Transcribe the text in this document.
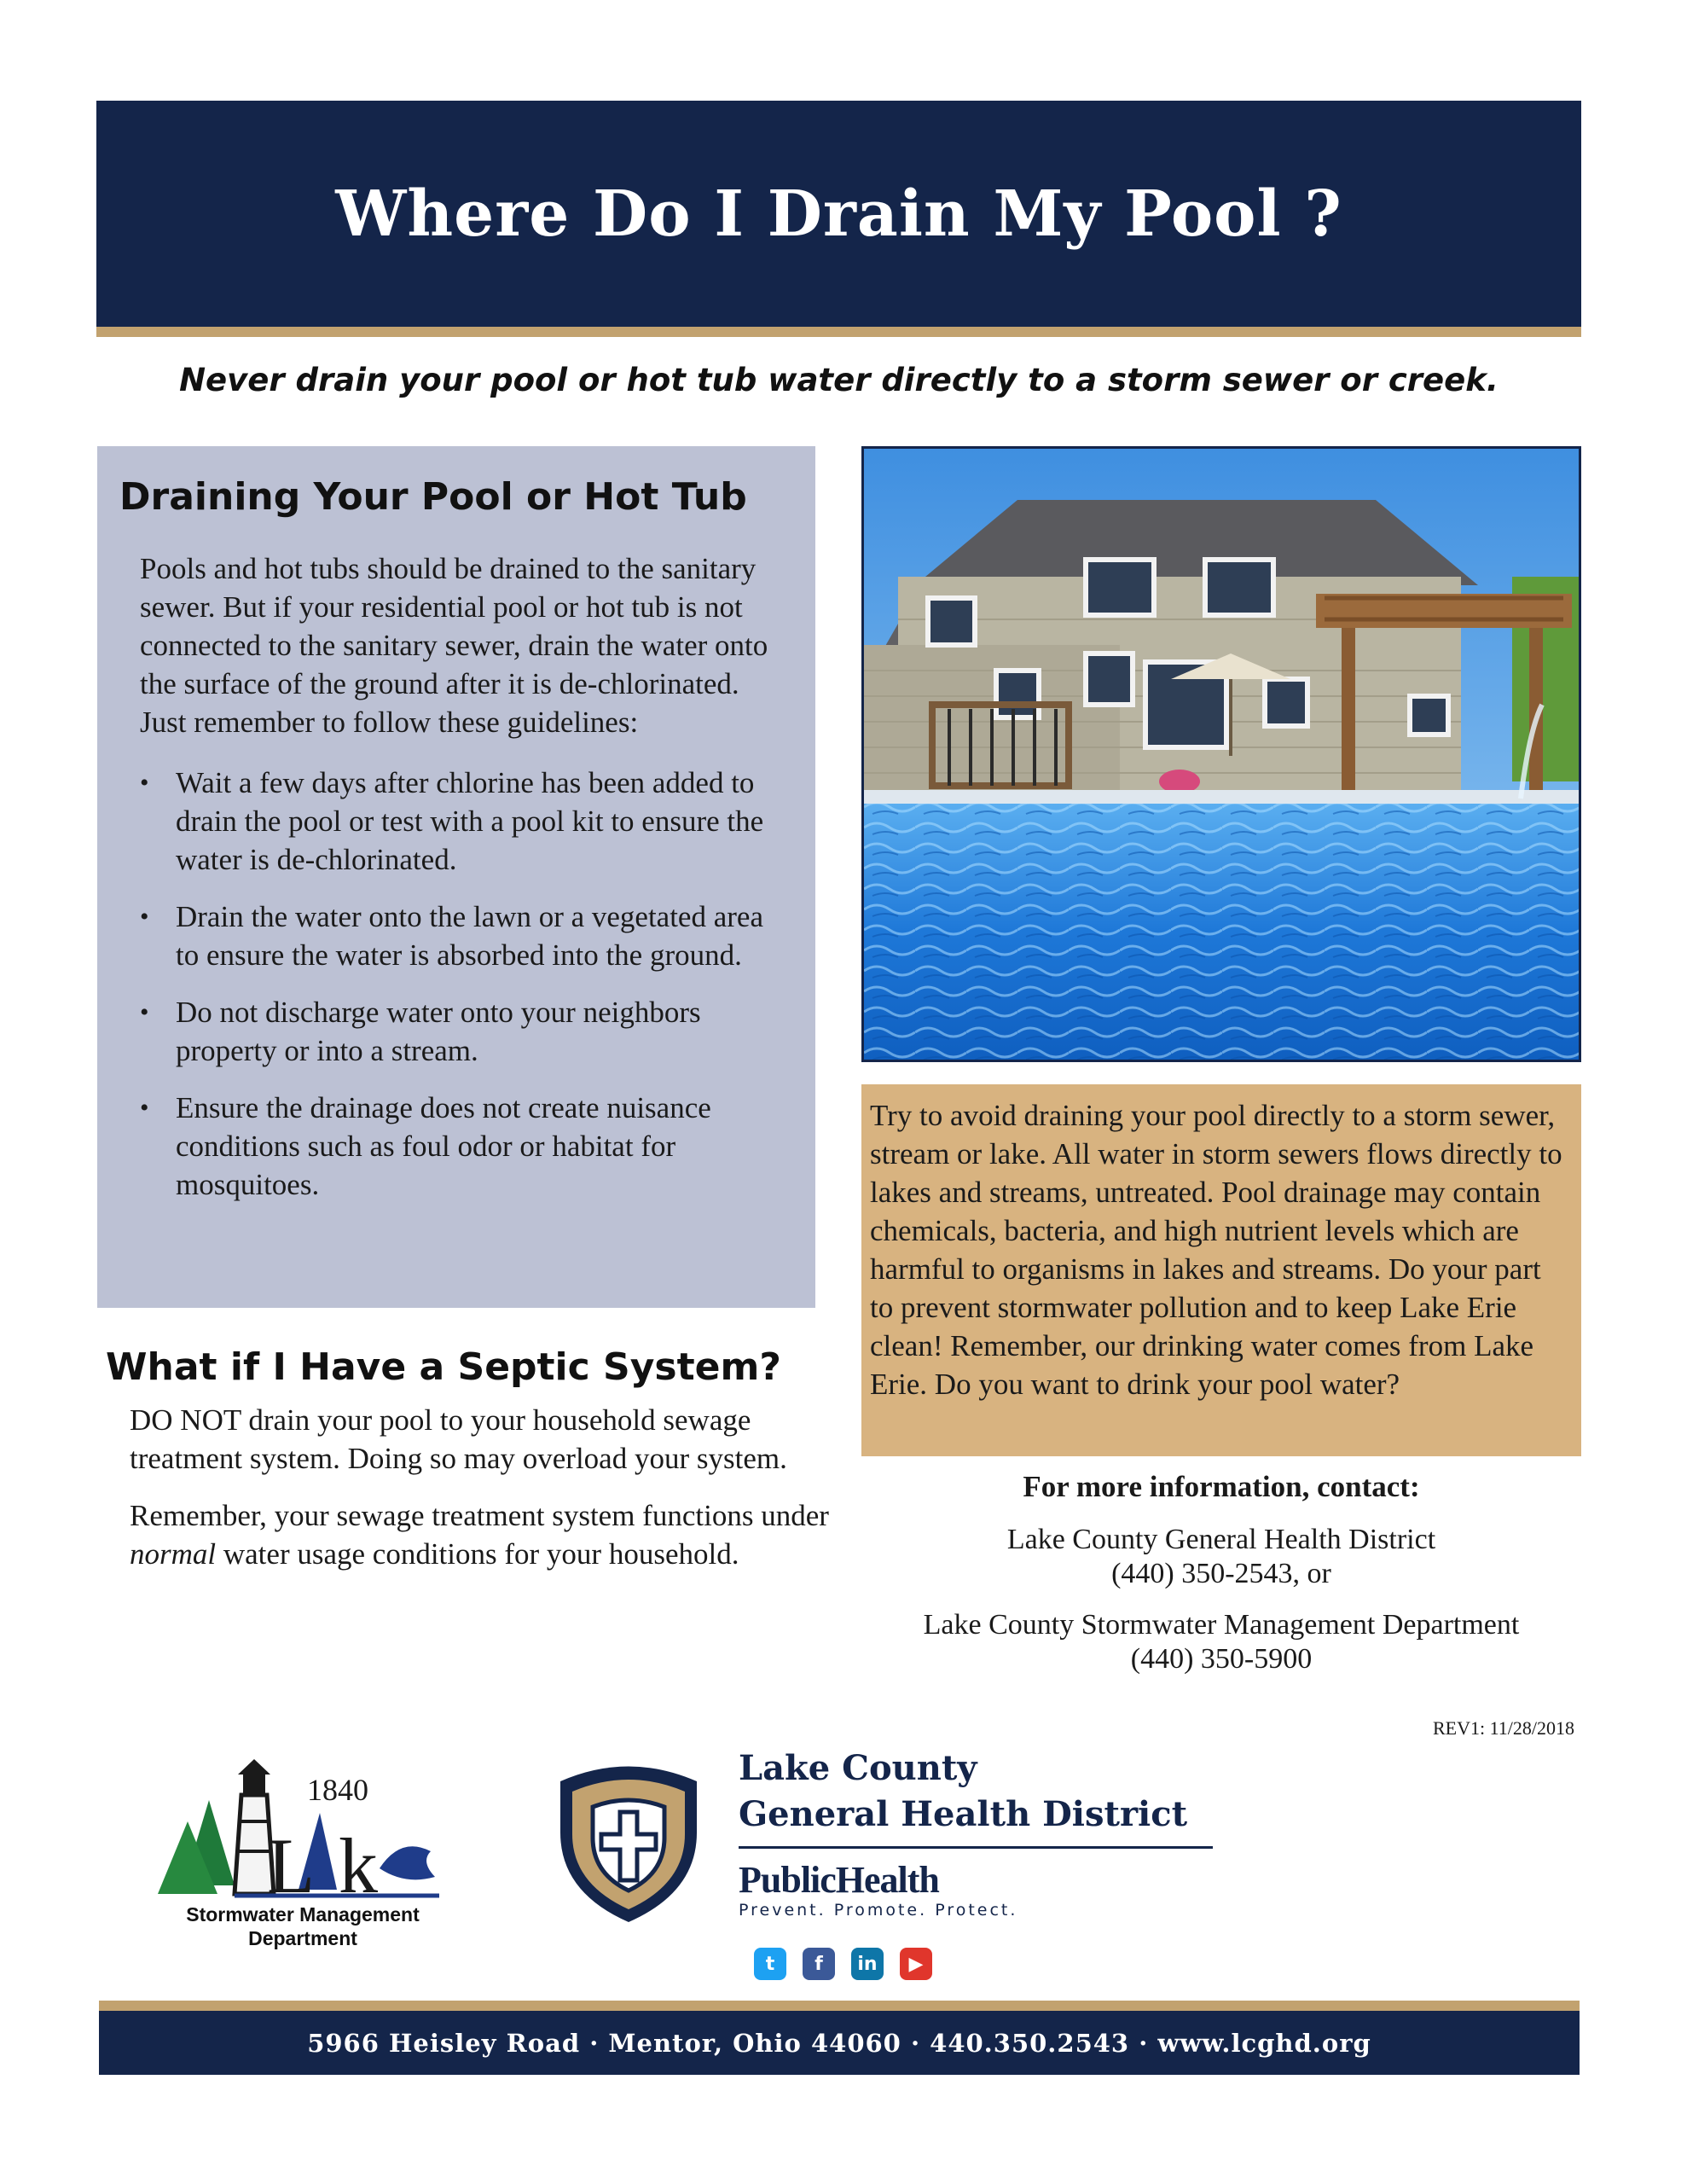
Where Do I Drain My Pool ?
Never drain your pool or hot tub water directly to a storm sewer or creek.
Draining Your Pool or Hot Tub

Pools and hot tubs should be drained to the sanitary sewer. But if your residential pool or hot tub is not connected to the sanitary sewer, drain the water onto the surface of the ground after it is de-chlorinated. Just remember to follow these guidelines:

• Wait a few days after chlorine has been added to drain the pool or test with a pool kit to ensure the water is de-chlorinated.
• Drain the water onto the lawn or a vegetated area to ensure the water is absorbed into the ground.
• Do not discharge water onto your neighbors property or into a stream.
• Ensure the drainage does not create nuisance conditions such as foul odor or habitat for mosquitoes.
What if I Have a Septic System?

DO NOT drain your pool to your household sewage treatment system. Doing so may overload your system.

Remember, your sewage treatment system functions under normal water usage conditions for your household.

Try to avoid draining your pool directly to a storm sewer, stream or lake. All water in storm sewers flows directly to lakes and streams, untreated. Pool drainage may contain chemicals, bacteria, and high nutrient levels which are harmful to organisms in lakes and streams. Do your part to prevent stormwater pollution and to keep Lake Erie clean! Remember, our drinking water comes from Lake Erie. Do you want to drink your pool water?

For more information, contact:
Lake County General Health District
(440) 350-2543, or
Lake County Stormwater Management Department
(440) 350-5900
REV1: 11/28/2018
1840
L k
Stormwater Management
Department
Lake County
General Health District
PublicHealth
Prevent. Promote. Protect.
t	f	in	▶
5966 Heisley Road · Mentor, Ohio 44060 · 440.350.2543 · www.lcghd.org
